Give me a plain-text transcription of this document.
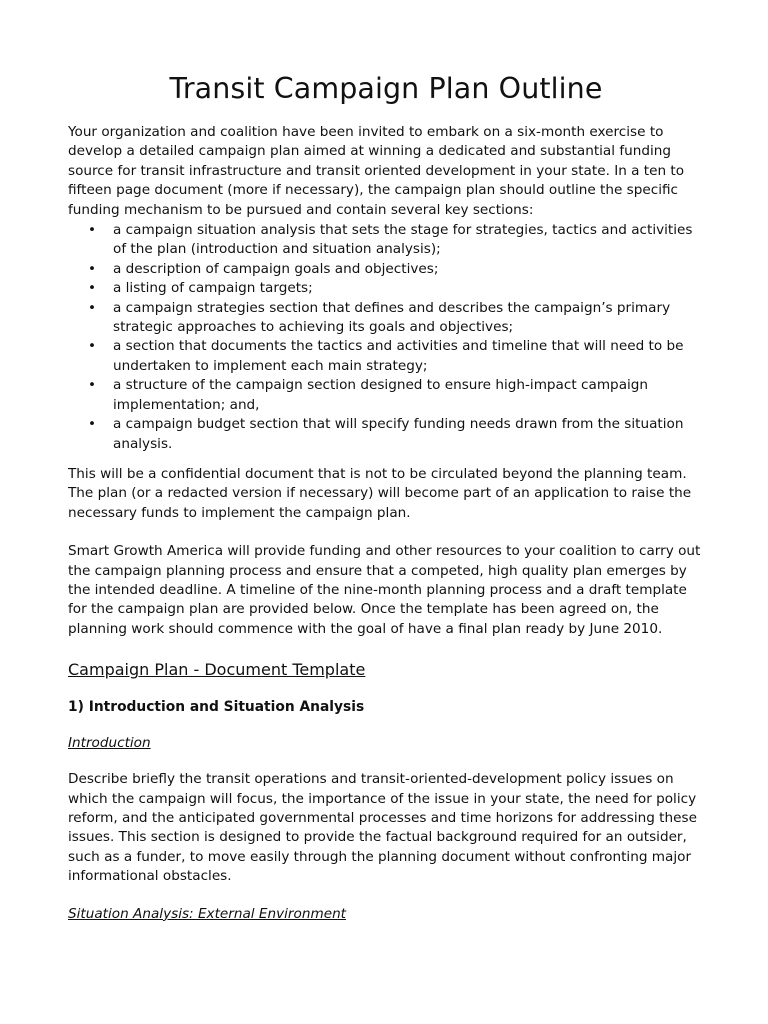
Transit Campaign Plan Outline

Your organization and coalition have been invited to embark on a six-month exercise to develop a detailed campaign plan aimed at winning a dedicated and substantial funding source for transit infrastructure and transit oriented development in your state. In a ten to fifteen page document (more if necessary), the campaign plan should outline the specific funding mechanism to be pursued and contain several key sections:

• a campaign situation analysis that sets the stage for strategies, tactics and activities of the plan (introduction and situation analysis);
• a description of campaign goals and objectives;
• a listing of campaign targets;
• a campaign strategies section that defines and describes the campaign’s primary strategic approaches to achieving its goals and objectives;
• a section that documents the tactics and activities and timeline that will need to be undertaken to implement each main strategy;
• a structure of the campaign section designed to ensure high-impact campaign implementation; and,
• a campaign budget section that will specify funding needs drawn from the situation analysis.

This will be a confidential document that is not to be circulated beyond the planning team. The plan (or a redacted version if necessary) will become part of an application to raise the necessary funds to implement the campaign plan.

Smart Growth America will provide funding and other resources to your coalition to carry out the campaign planning process and ensure that a competed, high quality plan emerges by the intended deadline. A timeline of the nine-month planning process and a draft template for the campaign plan are provided below. Once the template has been agreed on, the planning work should commence with the goal of have a final plan ready by June 2010.

Campaign Plan - Document Template
1) Introduction and Situation Analysis

Introduction

Describe briefly the transit operations and transit-oriented-development policy issues on which the campaign will focus, the importance of the issue in your state, the need for policy reform, and the anticipated governmental processes and time horizons for addressing these issues. This section is designed to provide the factual background required for an outsider, such as a funder, to move easily through the planning document without confronting major informational obstacles.

Situation Analysis: External Environment
